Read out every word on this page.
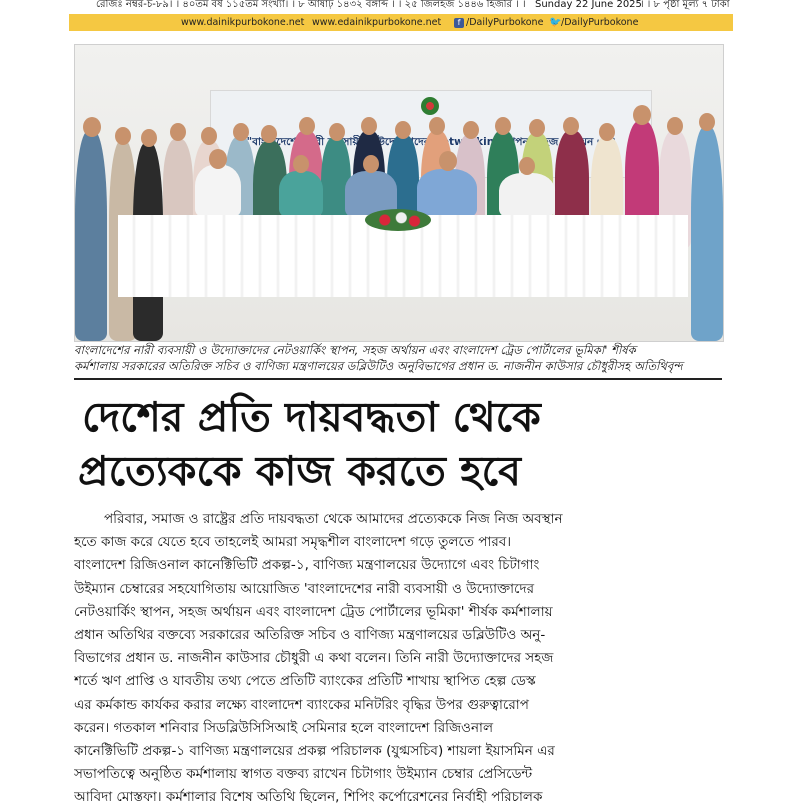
রেজিঃ নম্বর-চ-৮৯। । ৪০তম বর্ষ ১১৫তম সংখ্যা। । ৮ আষাঢ় ১৪৩২ বঙ্গাব্দ । । ২৫ জিলহজ ১৪৪৬ হিজরি । । Sunday 22 June 2025
। । ৮ পৃষ্ঠা মূল্য ৭ টাকা
www.dainikpurbokone.net www.edainikpurbokone.net	f /DailyPurbokone 🐦/DailyPurbokone
স্থাপন,
বাংলাদেশের নারী ব্যবসায়ী ও উদ্যোক্তাদের নেটওয়ার্কিং স্থাপন, সহজ অর্থায়ন এবং বাংলাদেশ ট্রেড পোর্টালের ভূমিকা' শীর্ষক
কর্মশালায় সরকারের অতিরিক্ত সচিব ও বাণিজ্য মন্ত্রণালয়ের ডব্লিউটিও অনুবিভাগের প্রধান ড. নাজনীন কাউসার চৌধুরীসহ অতিথিবৃন্দ
দেশের প্রতি দায়বদ্ধতা থেকে
প্রত্যেককে কাজ করতে হবে
পরিবার, সমাজ ও রাষ্ট্রের প্রতি দায়বদ্ধতা থেকে আমাদের প্রত্যেককে নিজ নিজ অবস্থান
হতে কাজ করে যেতে হবে তাহলেই আমরা সমৃদ্ধশীল বাংলাদেশ গড়ে তুলতে পারব।
বাংলাদেশ রিজিওনাল কানেক্টিভিটি প্রকল্প-১, বাণিজ্য মন্ত্রণালয়ের উদ্যোগে এবং চিটাগাং
উইম্যান চেম্বারের সহযোগিতায় আয়োজিত 'বাংলাদেশের নারী ব্যবসায়ী ও উদ্যোক্তাদের
নেটওয়ার্কিং স্থাপন, সহজ অর্থায়ন এবং বাংলাদেশ ট্রেড পোর্টালের ভূমিকা' শীর্ষক কর্মশালায়
প্রধান অতিথির বক্তব্যে সরকারের অতিরিক্ত সচিব ও বাণিজ্য মন্ত্রণালয়ের ডব্লিউটিও অনু-
বিভাগের প্রধান ড. নাজনীন কাউসার চৌধুরী এ কথা বলেন। তিনি নারী উদ্যোক্তাদের সহজ
শর্তে ঋণ প্রাপ্তি ও যাবতীয় তথ্য পেতে প্রতিটি ব্যাংকের প্রতিটি শাখায় স্থাপিত হেল্প ডেস্ক
এর কর্মকান্ড কার্যকর করার লক্ষ্যে বাংলাদেশ ব্যাংকের মনিটরিং বৃদ্ধির উপর গুরুত্বারোপ
করেন। গতকাল শনিবার সিডব্লিউসিসিআই সেমিনার হলে বাংলাদেশ রিজিওনাল
কানেক্টিভিটি প্রকল্প-১ বাণিজ্য মন্ত্রণালয়ের প্রকল্প পরিচালক (যুগ্মসচিব) শায়লা ইয়াসমিন এর
সভাপতিত্বে অনুষ্ঠিত কর্মশালায় স্বাগত বক্তব্য রাখেন চিটাগাং উইম্যান চেম্বার প্রেসিডেন্ট
আবিদা মোস্তফা। কর্মশালার বিশেষ অতিথি ছিলেন, শিপিং কর্পোরেশনের নির্বাহী পরিচালক
